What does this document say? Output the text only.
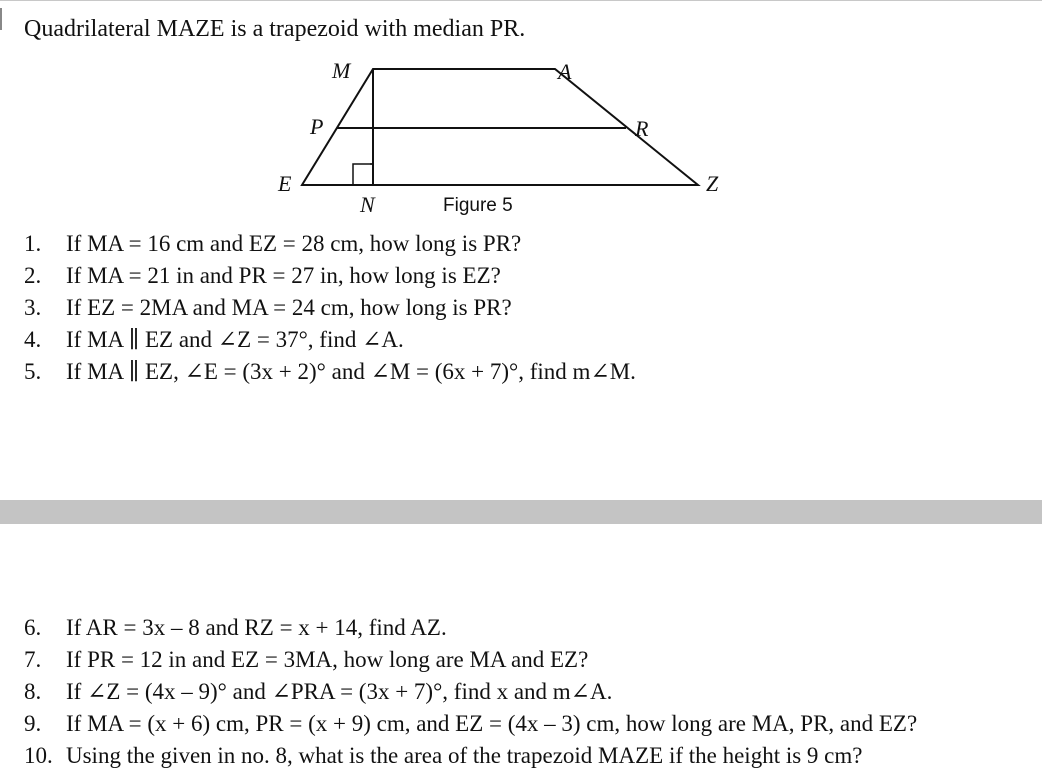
Quadrilateral MAZE is a trapezoid with median PR.
M	A
P	R
E	Z
N	Figure 5
1. If MA = 16 cm and EZ = 28 cm, how long is PR?
2. If MA = 21 in and PR = 27 in, how long is EZ?
3. If EZ = 2MA and MA = 24 cm, how long is PR?
4. If MA ∥ EZ and ∠Z = 37°, find ∠A.
5. If MA ∥ EZ, ∠E = (3x + 2)° and ∠M = (6x + 7)°, find m∠M.
6. If AR = 3x – 8 and RZ = x + 14, find AZ.
7. If PR = 12 in and EZ = 3MA, how long are MA and EZ?
8. If ∠Z = (4x – 9)° and ∠PRA = (3x + 7)°, find x and m∠A.
9. If MA = (x + 6) cm, PR = (x + 9) cm, and EZ = (4x – 3) cm, how long are MA, PR, and EZ?
10. Using the given in no. 8, what is the area of the trapezoid MAZE if the height is 9 cm?
